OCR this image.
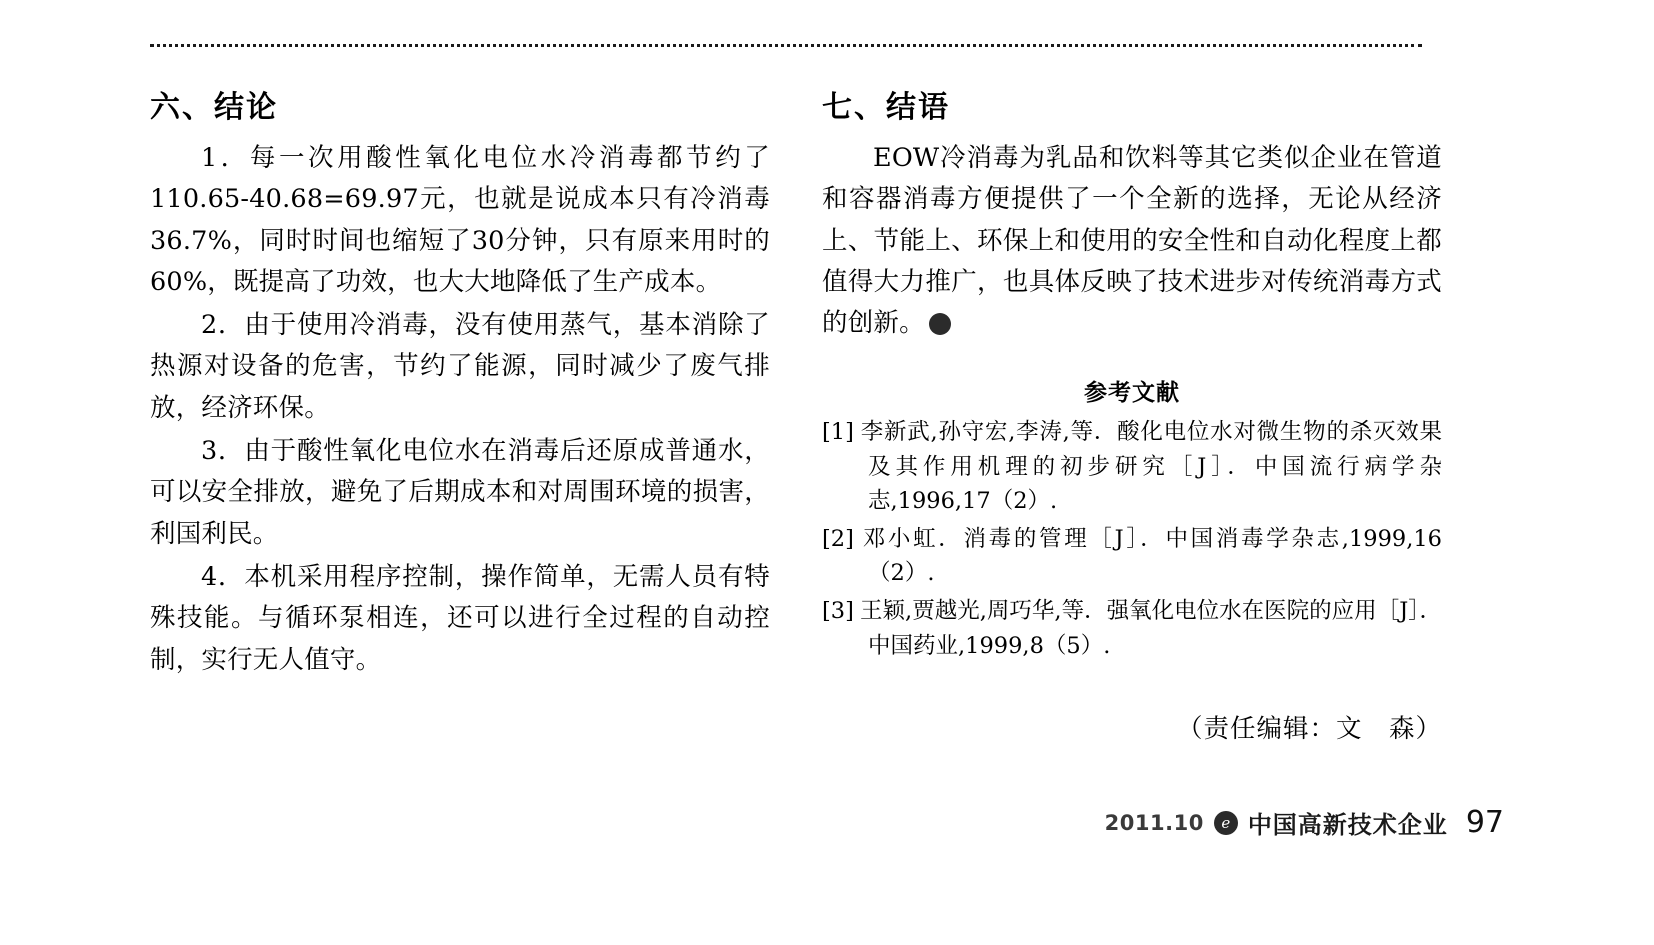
六、结论

1．每一次用酸性氧化电位水冷消毒都节约了110.65-40.68=69.97元，也就是说成本只有冷消毒36.7%，同时时间也缩短了30分钟，只有原来用时的60%，既提高了功效，也大大地降低了生产成本。

2．由于使用冷消毒，没有使用蒸气，基本消除了热源对设备的危害，节约了能源，同时减少了废气排放，经济环保。

3．由于酸性氧化电位水在消毒后还原成普通水，可以安全排放，避免了后期成本和对周围环境的损害，利国利民。

4．本机采用程序控制，操作简单，无需人员有特殊技能。与循环泵相连，还可以进行全过程的自动控制，实行无人值守。

七、结语

EOW冷消毒为乳品和饮料等其它类似企业在管道和容器消毒方便提供了一个全新的选择，无论从经济上、节能上、环保上和使用的安全性和自动化程度上都值得大力推广，也具体反映了技术进步对传统消毒方式的创新。	e

参考文献

[1] 李新武,孙守宏,李涛,等．酸化电位水对微生物的杀灭效果及其作用机理的初步研究［J］．中国流行病学杂志,1996,17（2）.

[2] 邓小虹．消毒的管理［J］．中国消毒学杂志,1999,16（2）.

[3] 王颖,贾越光,周巧华,等．强氧化电位水在医院的应用［J］．中国药业,1999,8（5）.

（责任编辑：文　森）
2011.10	e 中国高新技术企业 97
